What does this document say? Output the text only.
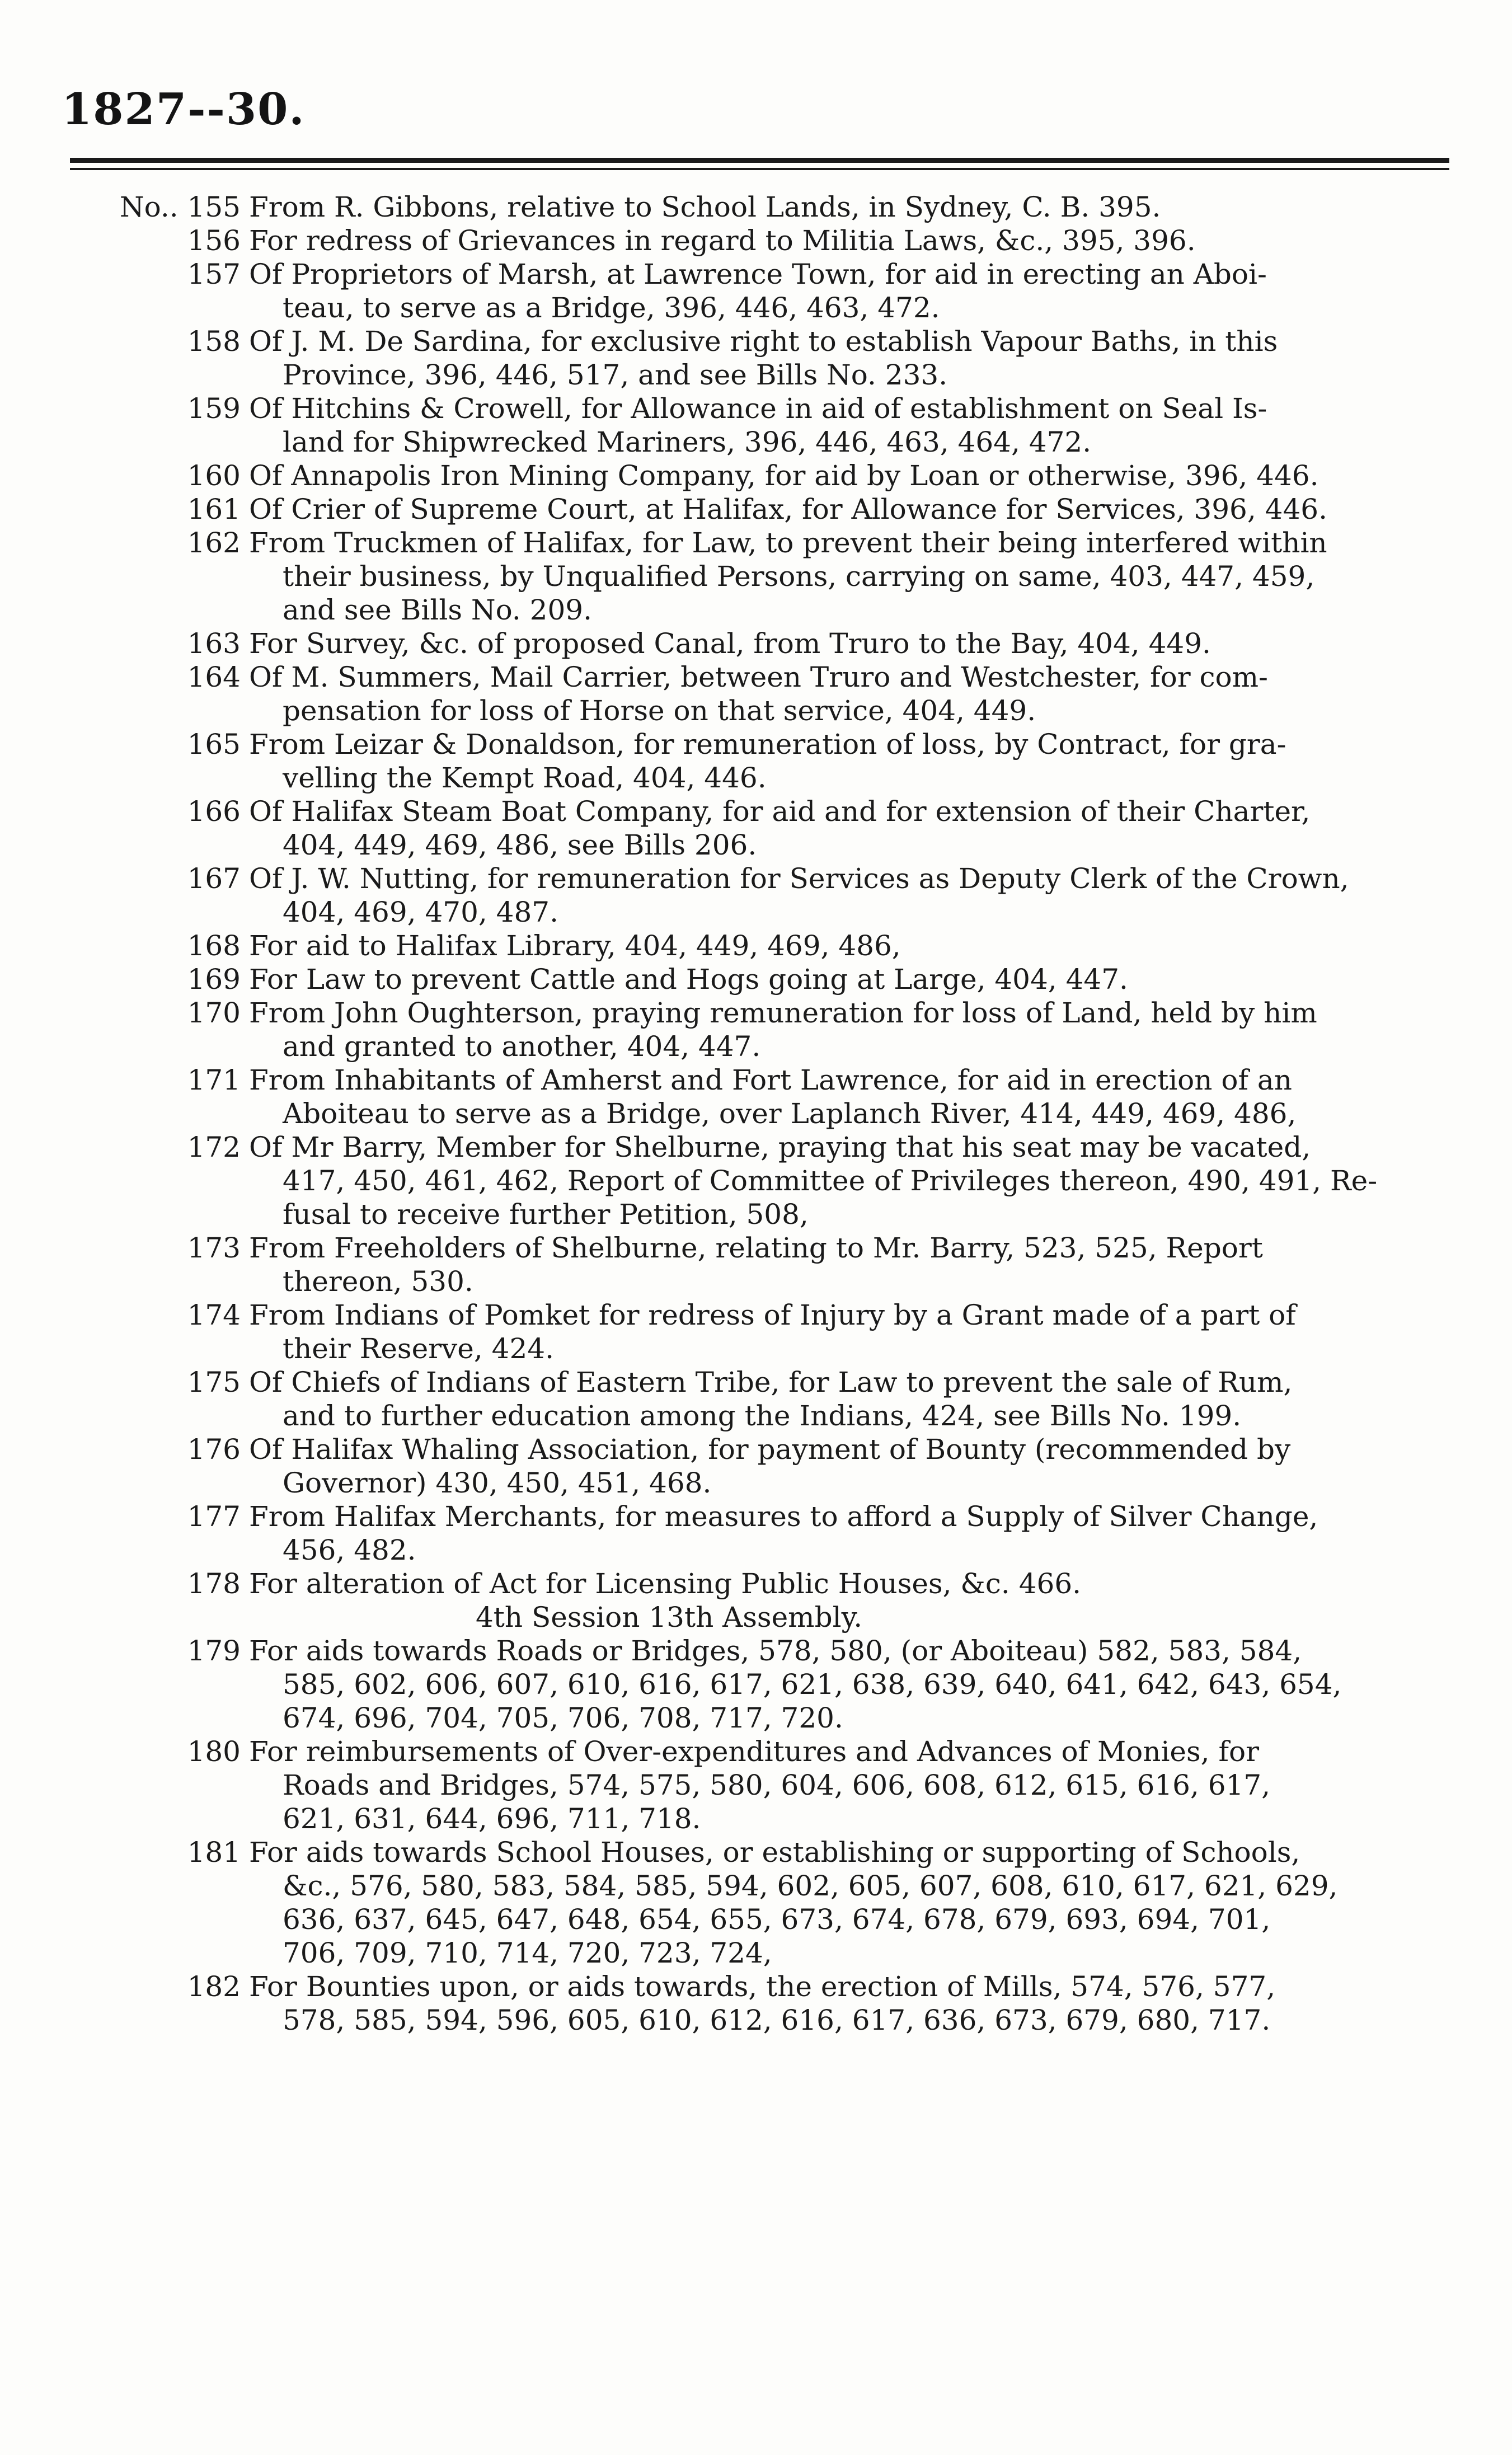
1827--30.
No.. 155 From R. Gibbons, relative to School Lands, in Sydney, C. B. 395.
156 For redress of Grievances in regard to Militia Laws, &c., 395, 396.
157 Of Proprietors of Marsh, at Lawrence Town, for aid in erecting an Aboi-
teau, to serve as a Bridge, 396, 446, 463, 472.
158 Of J. M. De Sardina, for exclusive right to establish Vapour Baths, in this
Province, 396, 446, 517, and see Bills No. 233.
159 Of Hitchins & Crowell, for Allowance in aid of establishment on Seal Is-
land for Shipwrecked Mariners, 396, 446, 463, 464, 472.
160 Of Annapolis Iron Mining Company, for aid by Loan or otherwise, 396, 446.
161 Of Crier of Supreme Court, at Halifax, for Allowance for Services, 396, 446.
162 From Truckmen of Halifax, for Law, to prevent their being interfered within
their business, by Unqualified Persons, carrying on same, 403, 447, 459,
and see Bills No. 209.
163 For Survey, &c. of proposed Canal, from Truro to the Bay, 404, 449.
164 Of M. Summers, Mail Carrier, between Truro and Westchester, for com-
pensation for loss of Horse on that service, 404, 449.
165 From Leizar & Donaldson, for remuneration of loss, by Contract, for gra-
velling the Kempt Road, 404, 446.
166 Of Halifax Steam Boat Company, for aid and for extension of their Charter,
404, 449, 469, 486, see Bills 206.
167 Of J. W. Nutting, for remuneration for Services as Deputy Clerk of the Crown,
404, 469, 470, 487.
168 For aid to Halifax Library, 404, 449, 469, 486,
169 For Law to prevent Cattle and Hogs going at Large, 404, 447.
170 From John Oughterson, praying remuneration for loss of Land, held by him
and granted to another, 404, 447.
171 From Inhabitants of Amherst and Fort Lawrence, for aid in erection of an
Aboiteau to serve as a Bridge, over Laplanch River, 414, 449, 469, 486,
172 Of Mr Barry, Member for Shelburne, praying that his seat may be vacated,
417, 450, 461, 462, Report of Committee of Privileges thereon, 490, 491, Re-
fusal to receive further Petition, 508,
173 From Freeholders of Shelburne, relating to Mr. Barry, 523, 525, Report
thereon, 530.
174 From Indians of Pomket for redress of Injury by a Grant made of a part of
their Reserve, 424.
175 Of Chiefs of Indians of Eastern Tribe, for Law to prevent the sale of Rum,
and to further education among the Indians, 424, see Bills No. 199.
176 Of Halifax Whaling Association, for payment of Bounty (recommended by
Governor) 430, 450, 451, 468.
177 From Halifax Merchants, for measures to afford a Supply of Silver Change,
456, 482.
178 For alteration of Act for Licensing Public Houses, &c. 466.
4th Session 13th Assembly.
179 For aids towards Roads or Bridges, 578, 580, (or Aboiteau) 582, 583, 584,
585, 602, 606, 607, 610, 616, 617, 621, 638, 639, 640, 641, 642, 643, 654,
674, 696, 704, 705, 706, 708, 717, 720.
180 For reimbursements of Over-expenditures and Advances of Monies, for
Roads and Bridges, 574, 575, 580, 604, 606, 608, 612, 615, 616, 617,
621, 631, 644, 696, 711, 718.
181 For aids towards School Houses, or establishing or supporting of Schools,
&c., 576, 580, 583, 584, 585, 594, 602, 605, 607, 608, 610, 617, 621, 629,
636, 637, 645, 647, 648, 654, 655, 673, 674, 678, 679, 693, 694, 701,
706, 709, 710, 714, 720, 723, 724,
182 For Bounties upon, or aids towards, the erection of Mills, 574, 576, 577,
578, 585, 594, 596, 605, 610, 612, 616, 617, 636, 673, 679, 680, 717.
